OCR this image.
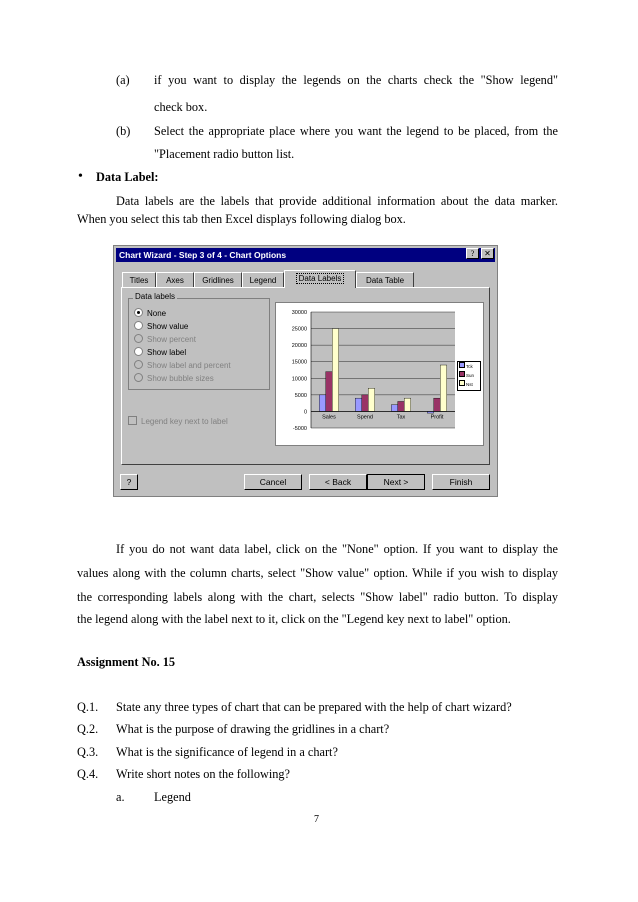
(a) if you want to display the legends on the charts check the "Show legend"
check box.
(b) Select the appropriate place where you want the legend to be placed, from the
"Placement radio button list.
• Data Label:
Data labels are the labels that provide additional information about the data marker.
When you select this tab then Excel displays following dialog box.
Chart Wizard - Step 3 of 4 - Chart Options	?	✕
Titles	Axes	Gridlines	Legend	Data Labels	Data Table
Data labels
None
Show value
Show percent
Show label
Show label and percent
Show bubble sizes
Legend key next to label
30000
25000
20000
15000
10000
5000
0
-5000
Sales	Spend	Tax	Profit
Tck
Sun
Nst
?	Cancel	< Back	Next >	Finish
If you do not want data label, click on the "None" option. If you want to display the
values along with the column charts, select "Show value" option. While if you wish to display
the corresponding labels along with the chart, selects "Show label" radio button. To display
the legend along with the label next to it, click on the "Legend key next to label" option.
Assignment No. 15
Q.1. State any three types of chart that can be prepared with the help of chart wizard?
Q.2. What is the purpose of drawing the gridlines in a chart?
Q.3. What is the significance of legend in a chart?
Q.4. Write short notes on the following?
a. Legend
7
